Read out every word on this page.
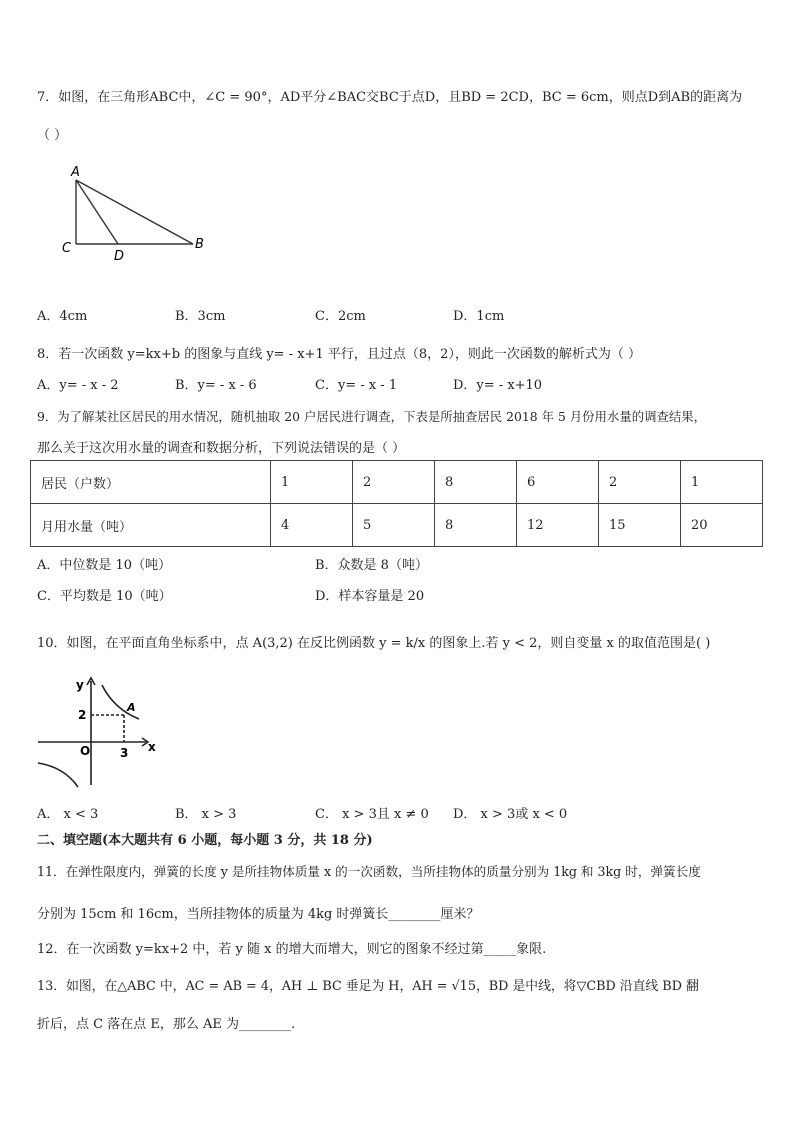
7．如图，在三角形ABC中，∠C = 90°，AD平分∠BAC交BC于点D，且BD = 2CD，BC = 6cm，则点D到AB的距离为
（ ）
A
C
D
B
A．4cm	B．3cm	C．2cm	D．1cm
8．若一次函数 y=kx+b 的图象与直线 y= - x+1 平行，且过点（8，2），则此一次函数的解析式为（ ）
A．y= - x - 2	B．y= - x - 6	C．y= - x - 1	D．y= - x+10
9．为了解某社区居民的用水情况，随机抽取 20 户居民进行调查，下表是所抽查居民 2018 年 5 月份用水量的调查结果，
那么关于这次用水量的调查和数据分析，下列说法错误的是（ ）
居民（户数）	1	2	8	6	2	1
月用水量（吨）	4	5	8	12	15	20
A．中位数是 10（吨）	B．众数是 8（吨）
C．平均数是 10（吨）	D．样本容量是 20
10．如图，在平面直角坐标系中，点 A(3,2) 在反比例函数 y = k/x 的图象上.若 y < 2，则自变量 x 的取值范围是( )
y
x
2
3
O
A
A． x < 3	B． x > 3	C． x > 3且 x ≠ 0 D． x > 3或 x < 0
二、填空题(本大题共有 6 小题，每小题 3 分，共 18 分)
11．在弹性限度内，弹簧的长度 y 是所挂物体质量 x 的一次函数，当所挂物体的质量分别为 1kg 和 3kg 时，弹簧长度
分别为 15cm 和 16cm，当所挂物体的质量为 4kg 时弹簧长________厘米？
12．在一次函数 y=kx+2 中，若 y 随 x 的增大而增大，则它的图象不经过第_____象限.
13．如图，在△ABC 中，AC = AB = 4，AH ⊥ BC 垂足为 H，AH = √15，BD 是中线，将▽CBD 沿直线 BD 翻
折后，点 C 落在点 E，那么 AE 为________.
